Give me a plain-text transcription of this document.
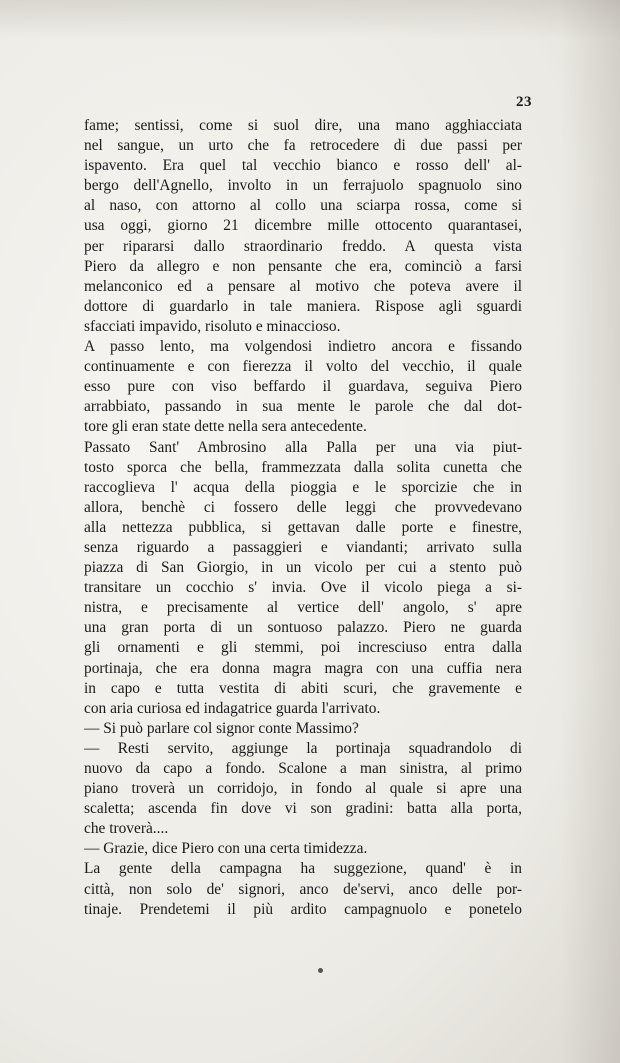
23
fame; sentissi, come si suol dire, una mano agghiacciata
nel sangue, un urto che fa retrocedere di due passi per
ispavento. Era quel tal vecchio bianco e rosso dell' al-
bergo dell'Agnello, involto in un ferrajuolo spagnuolo sino
al naso, con attorno al collo una sciarpa rossa, come si
usa oggi, giorno 21 dicembre mille ottocento quarantasei,
per ripararsi dallo straordinario freddo. A questa vista
Piero da allegro e non pensante che era, cominciò a farsi
melanconico ed a pensare al motivo che poteva avere il
dottore di guardarlo in tale maniera. Rispose agli sguardi
sfacciati impavido, risoluto e minaccioso.
A passo lento, ma volgendosi indietro ancora e fissando
continuamente e con fierezza il volto del vecchio, il quale
esso pure con viso beffardo il guardava, seguiva Piero
arrabbiato, passando in sua mente le parole che dal dot-
tore gli eran state dette nella sera antecedente.
Passato Sant' Ambrosino alla Palla per una via piut-
tosto sporca che bella, frammezzata dalla solita cunetta che
raccoglieva l' acqua della pioggia e le sporcizie che in
allora, benchè ci fossero delle leggi che provvedevano
alla nettezza pubblica, si gettavan dalle porte e finestre,
senza riguardo a passaggieri e viandanti; arrivato sulla
piazza di San Giorgio, in un vicolo per cui a stento può
transitare un cocchio s' invia. Ove il vicolo piega a si-
nistra, e precisamente al vertice dell' angolo, s' apre
una gran porta di un sontuoso palazzo. Piero ne guarda
gli ornamenti e gli stemmi, poi incresciuso entra dalla
portinaja, che era donna magra magra con una cuffia nera
in capo e tutta vestita di abiti scuri, che gravemente e
con aria curiosa ed indagatrice guarda l'arrivato.
— Si può parlare col signor conte Massimo?
— Resti servito, aggiunge la portinaja squadrandolo di
nuovo da capo a fondo. Scalone a man sinistra, al primo
piano troverà un corridojo, in fondo al quale si apre una
scaletta; ascenda fin dove vi son gradini: batta alla porta,
che troverà....
— Grazie, dice Piero con una certa timidezza.
La gente della campagna ha suggezione, quand' è in
città, non solo de' signori, anco de'servi, anco delle por-
tinaje. Prendetemi il più ardito campagnuolo e ponetelo
